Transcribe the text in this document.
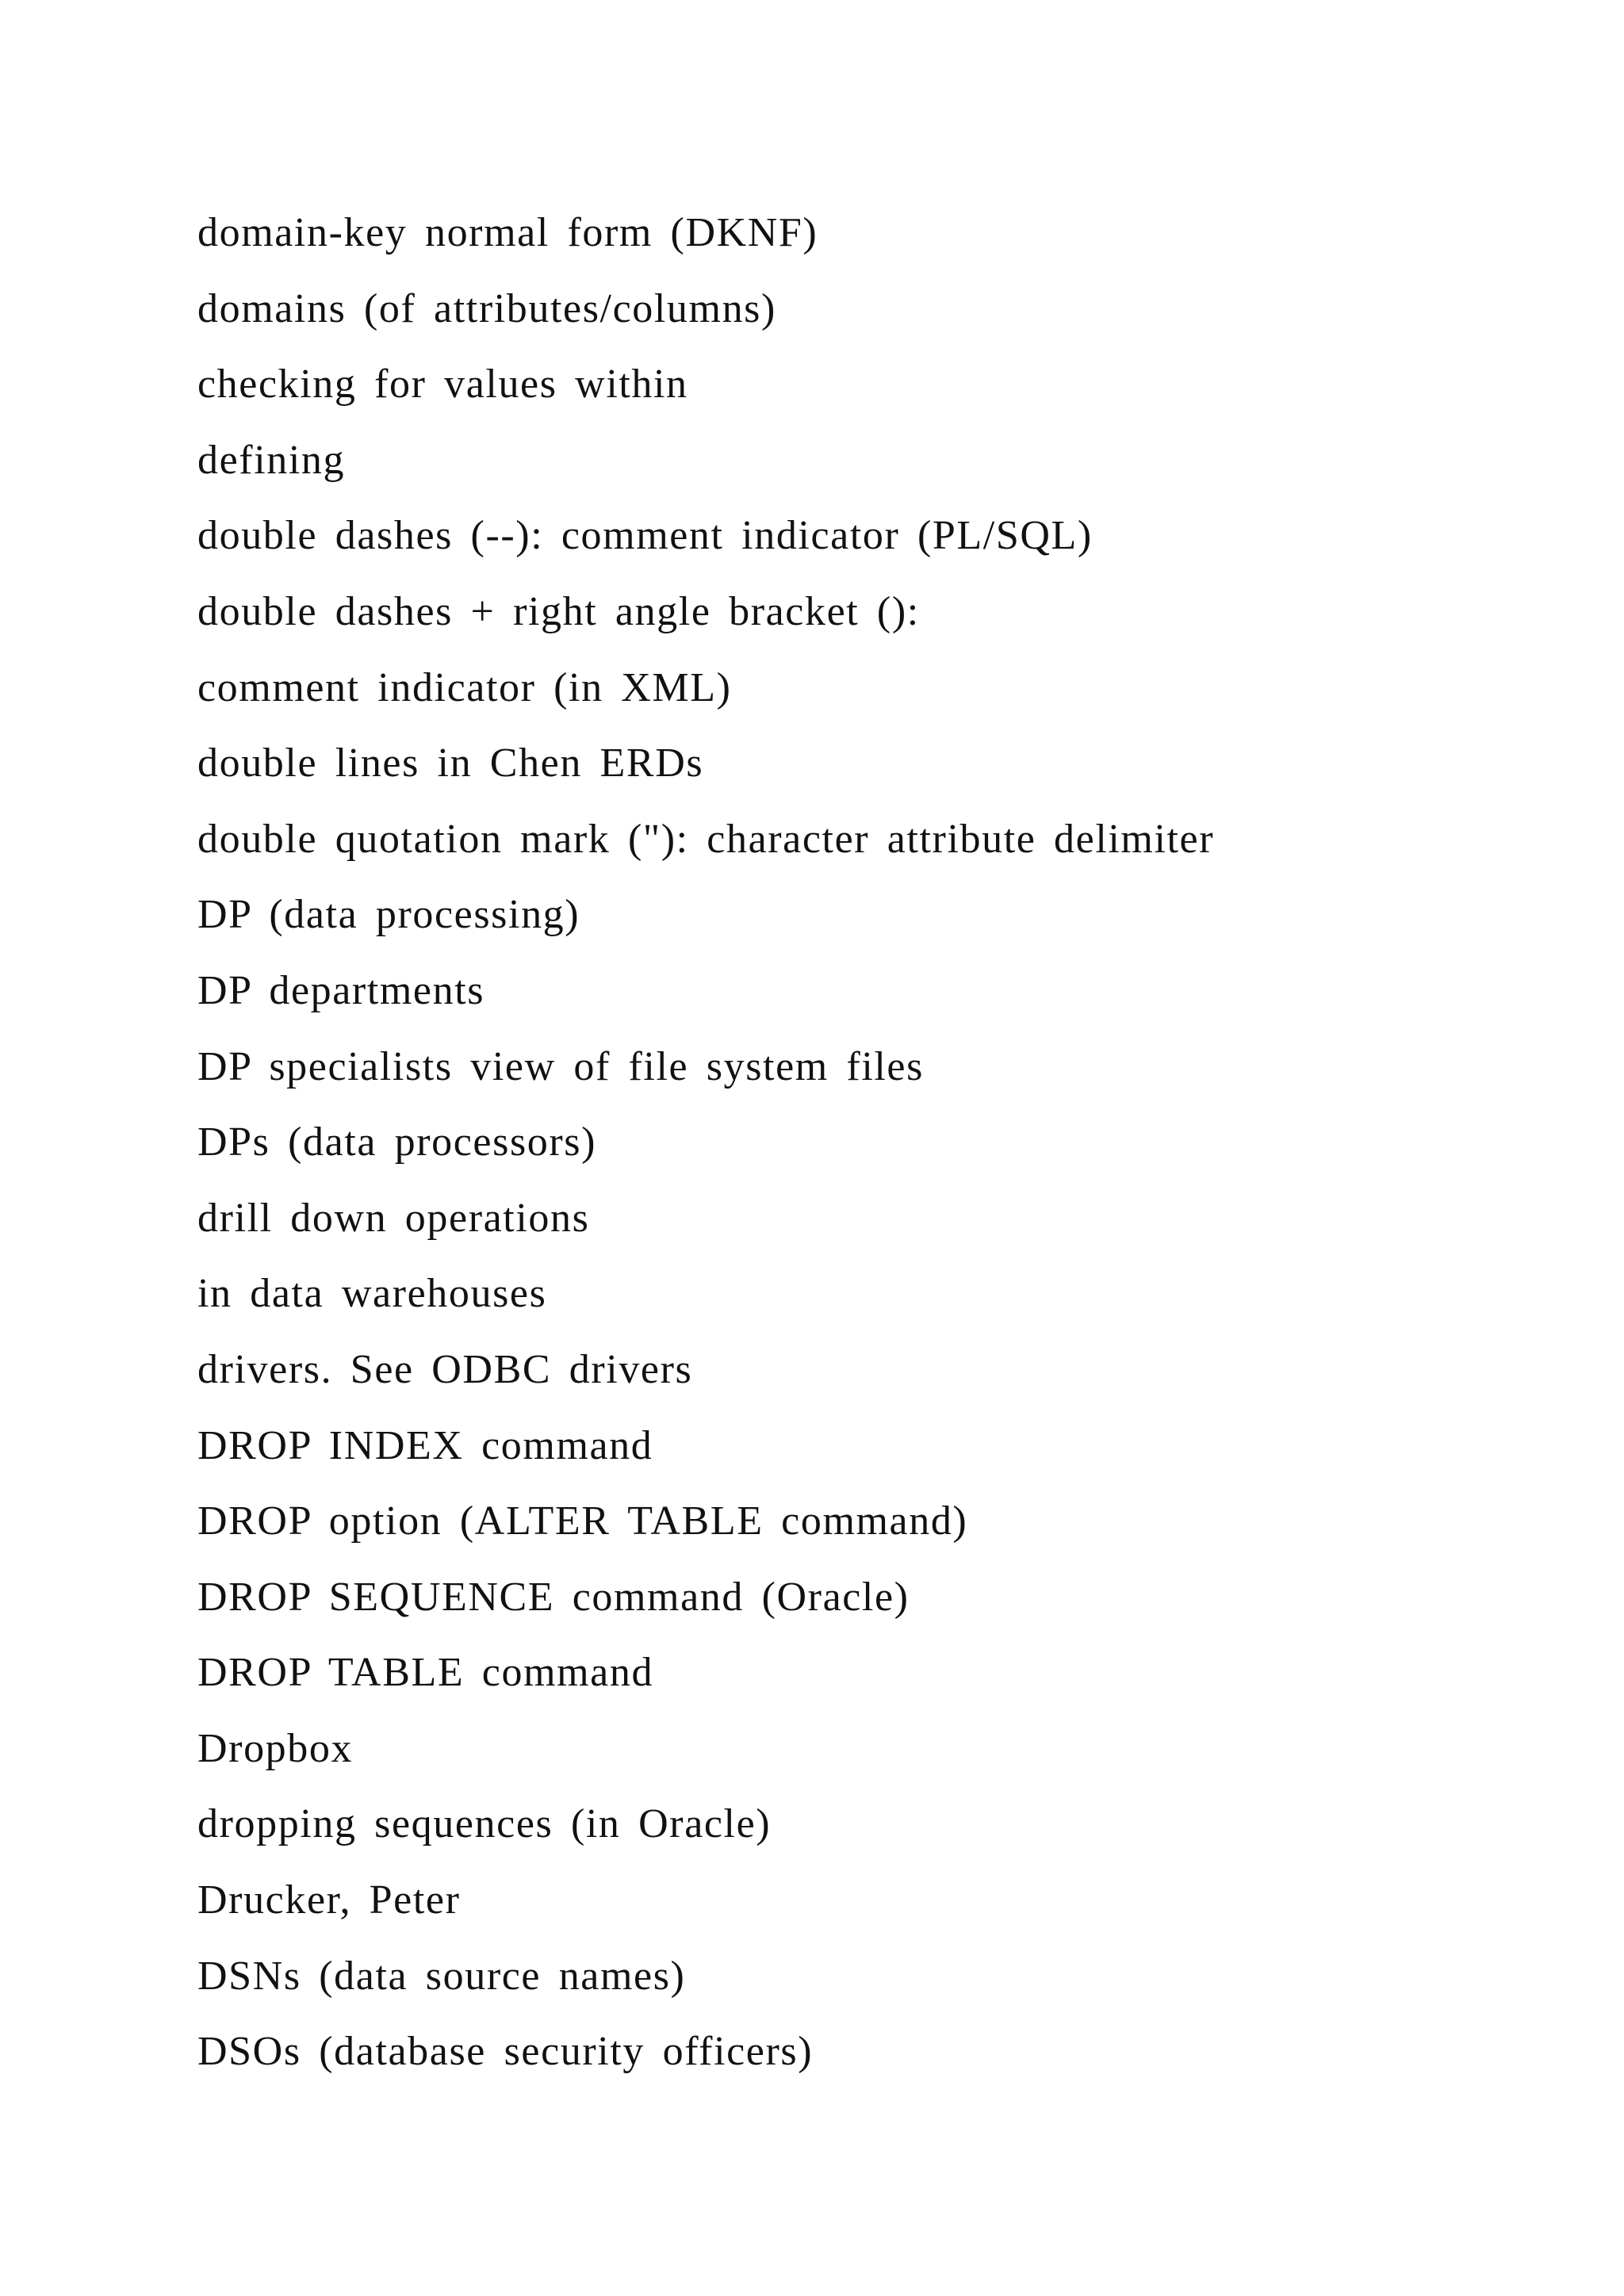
domain-key normal form (DKNF)
domains (of attributes/columns)
checking for values within
defining
double dashes (--): comment indicator (PL/SQL)
double dashes + right angle bracket ():
comment indicator (in XML)
double lines in Chen ERDs
double quotation mark ("): character attribute delimiter
DP (data processing)
DP departments
DP specialists view of file system files
DPs (data processors)
drill down operations
in data warehouses
drivers. See ODBC drivers
DROP INDEX command
DROP option (ALTER TABLE command)
DROP SEQUENCE command (Oracle)
DROP TABLE command
Dropbox
dropping sequences (in Oracle)
Drucker, Peter
DSNs (data source names)
DSOs (database security officers)
